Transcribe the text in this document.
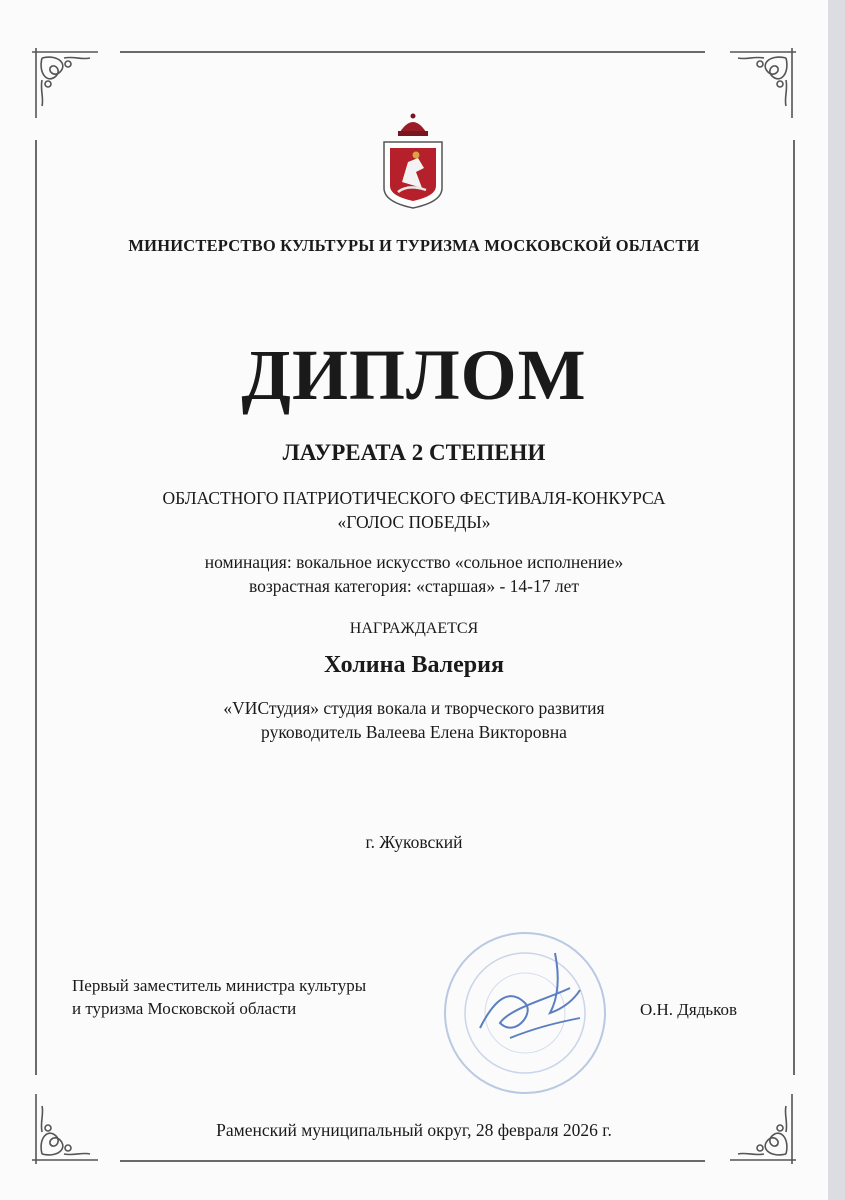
МИНИСТЕРСТВО КУЛЬТУРЫ И ТУРИЗМА МОСКОВСКОЙ ОБЛАСТИ
ДИПЛОМ
ЛАУРЕАТА 2 СТЕПЕНИ
ОБЛАСТНОГО ПАТРИОТИЧЕСКОГО ФЕСТИВАЛЯ-КОНКУРСА
«ГОЛОС ПОБЕДЫ»
номинация: вокальное искусство «сольное исполнение»
возрастная категория: «старшая» - 14-17 лет
НАГРАЖДАЕТСЯ
Холина Валерия
«VИСтудия» студия вокала и творческого развития
руководитель Валеева Елена Викторовна
г. Жуковский
Первый заместитель министра культуры
и туризма Московской области	О.Н. Дядьков
Раменский муниципальный округ, 28 февраля 2026 г.
